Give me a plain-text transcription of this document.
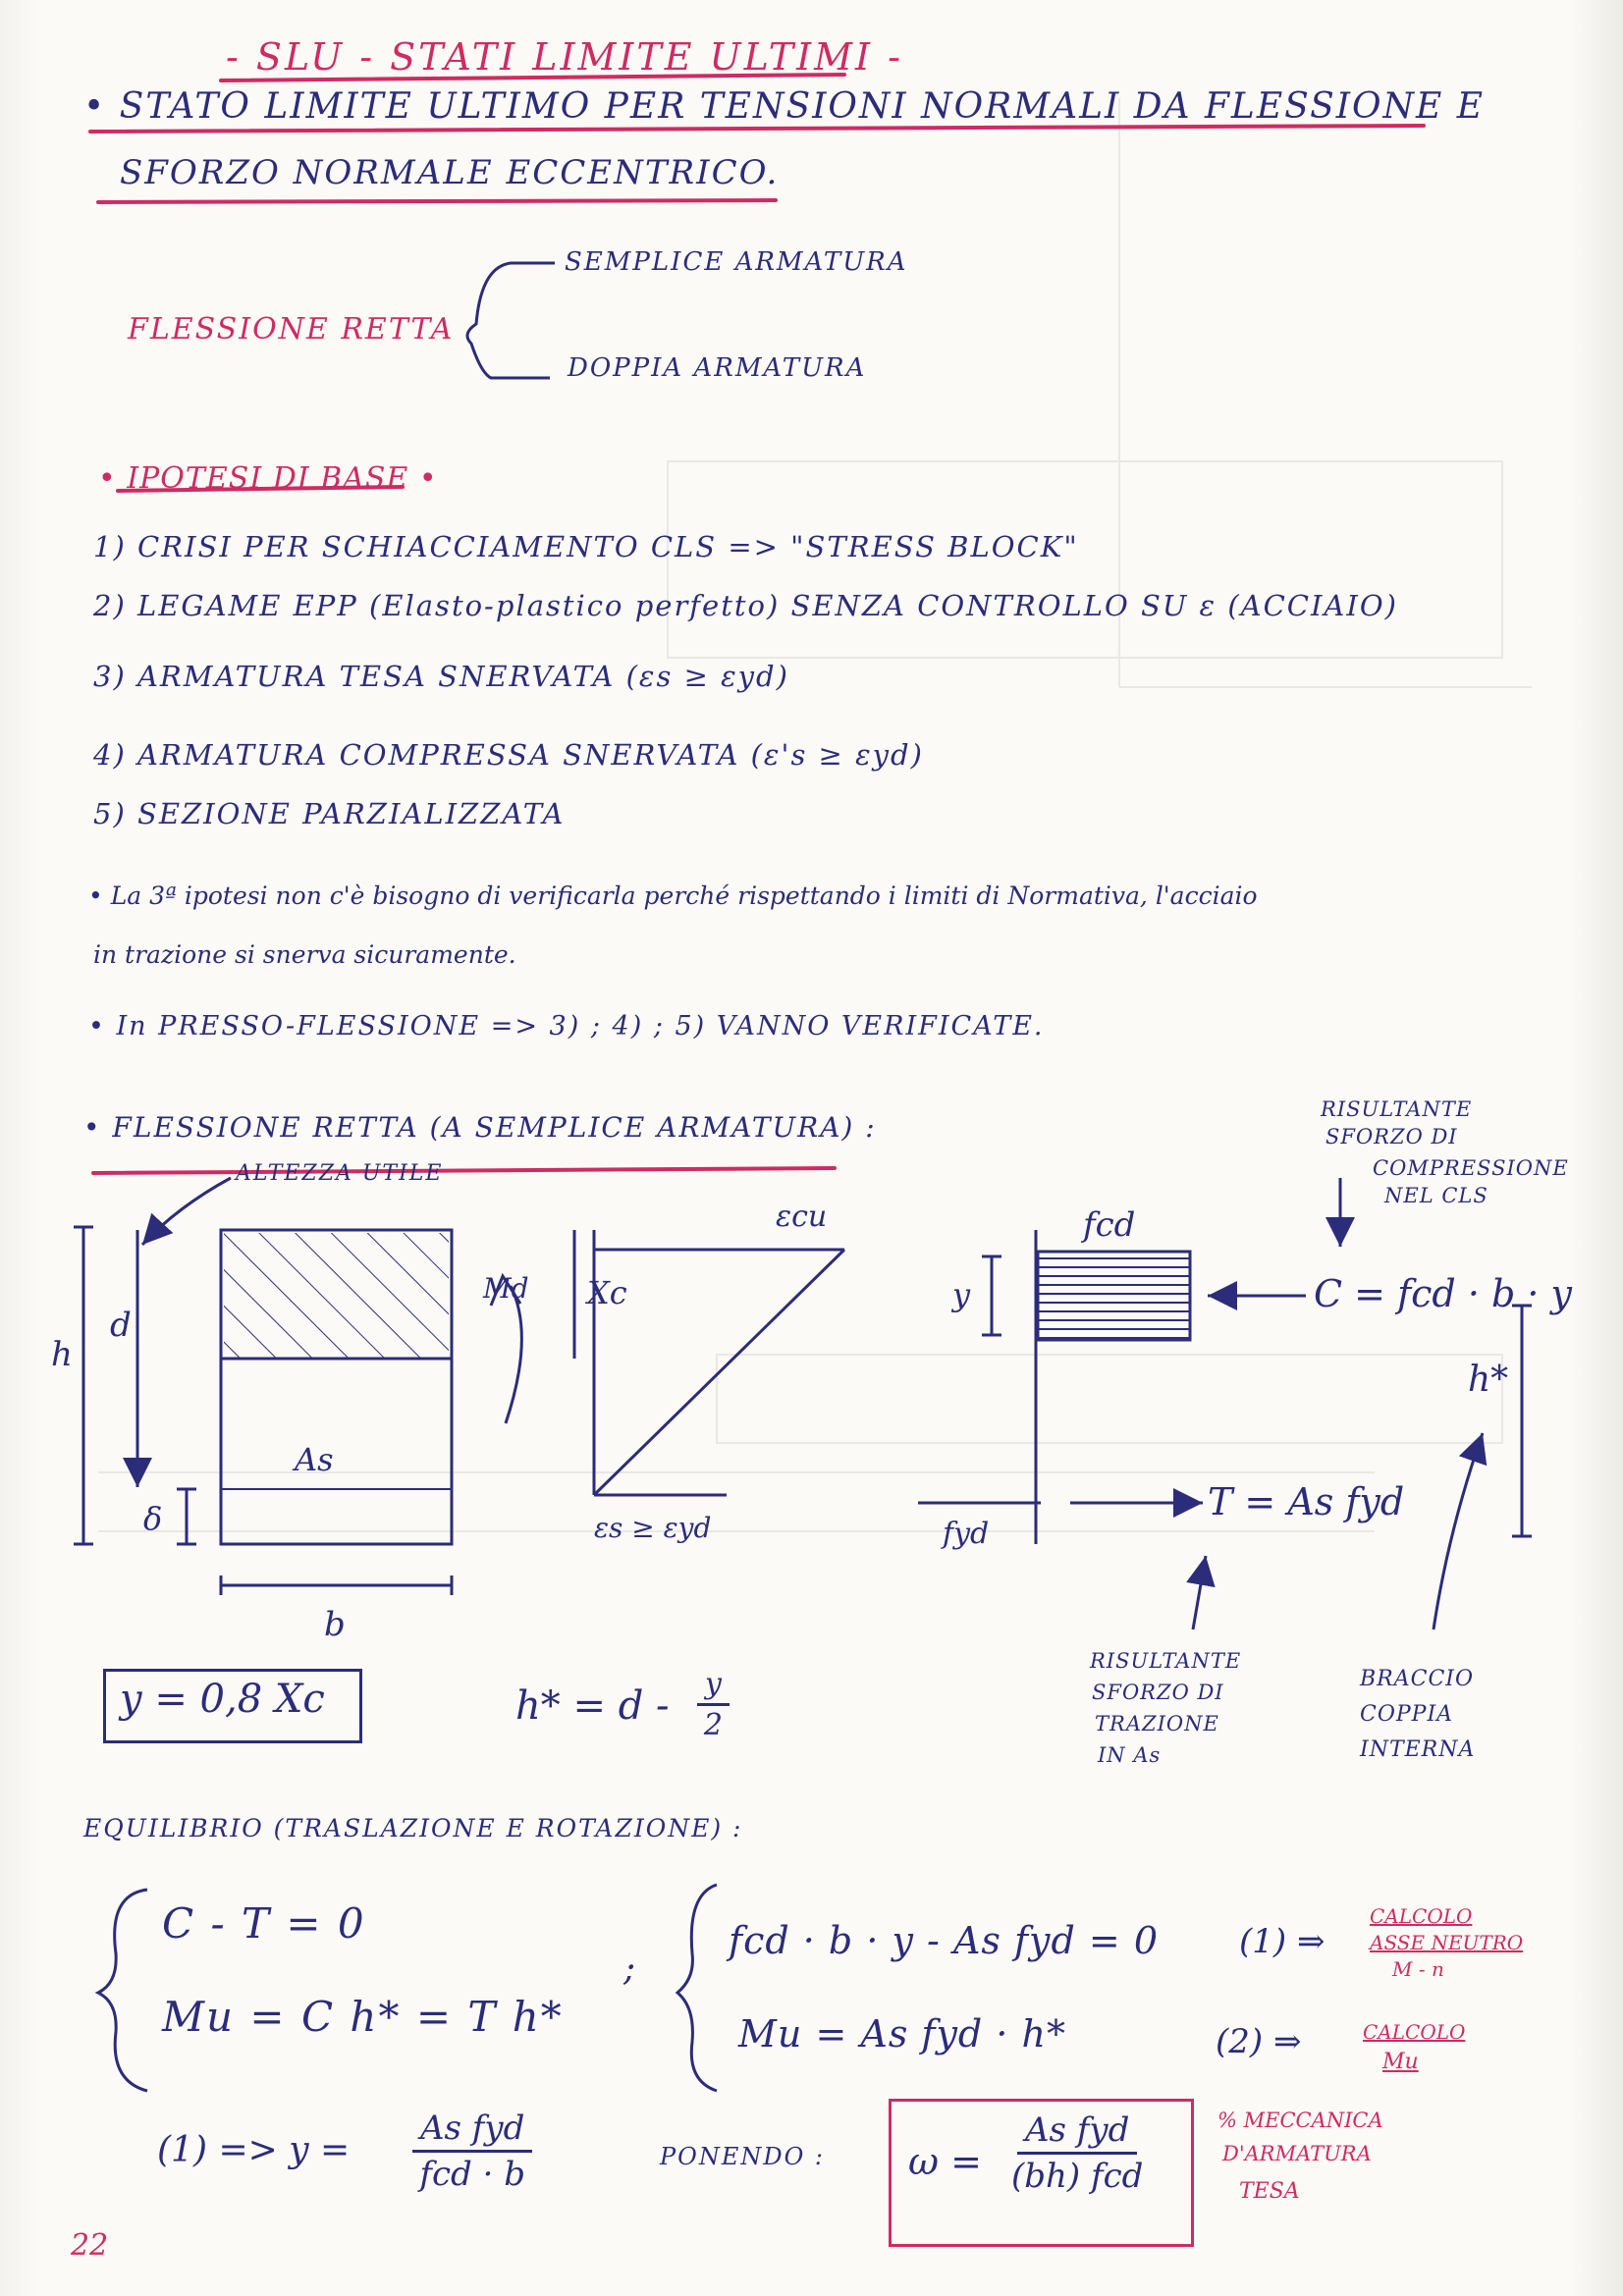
- SLU - STATI LIMITE ULTIMI -
• STATO LIMITE ULTIMO PER TENSIONI NORMALI DA FLESSIONE E
SFORZO NORMALE ECCENTRICO.
FLESSIONE RETTA
SEMPLICE ARMATURA
DOPPIA ARMATURA
• IPOTESI DI BASE •
1) CRISI PER SCHIACCIAMENTO CLS => "STRESS BLOCK"
2) LEGAME EPP (Elasto-plastico perfetto) SENZA CONTROLLO SU ε (ACCIAIO)
3) ARMATURA TESA SNERVATA (εs ≥ εyd)
4) ARMATURA COMPRESSA SNERVATA (ε's ≥ εyd)
5) SEZIONE PARZIALIZZATA
• La 3ª ipotesi non c'è bisogno di verificarla perché rispettando i limiti di Normativa, l'acciaio
in trazione si snerva sicuramente.
• In PRESSO-FLESSIONE => 3) ; 4) ; 5) VANNO VERIFICATE.
• FLESSIONE RETTA (A SEMPLICE ARMATURA) :
ALTEZZA UTILE
h
d
δ
As
b
Md Xc
εcu
εs ≥ εyd
fcd
y
fyd
C = fcd · b · y
T = As fyd
h*
RISULTANTE
SFORZO DI
COMPRESSIONE
NEL CLS
RISULTANTE
SFORZO DI
TRAZIONE
IN As
BRACCIO
COPPIA
INTERNA
y = 0,8 Xc	$h* = d - \frac{y}{2}$
EQUILIBRIO (TRASLAZIONE E ROTAZIONE) :
C - T = 0
Mu = C h* = T h*
;
fcd · b · y - As fyd = 0
Mu = As fyd · h*
(1) ⇒
CALCOLO
ASSE NEUTRO
M - n
(2) ⇒	CALCOLO
Mu
(1) => y =
As fyd
fcd · b	PONENDO : ω =
As fyd
(bh) fcd
% MECCANICA
D'ARMATURA
TESA
22
